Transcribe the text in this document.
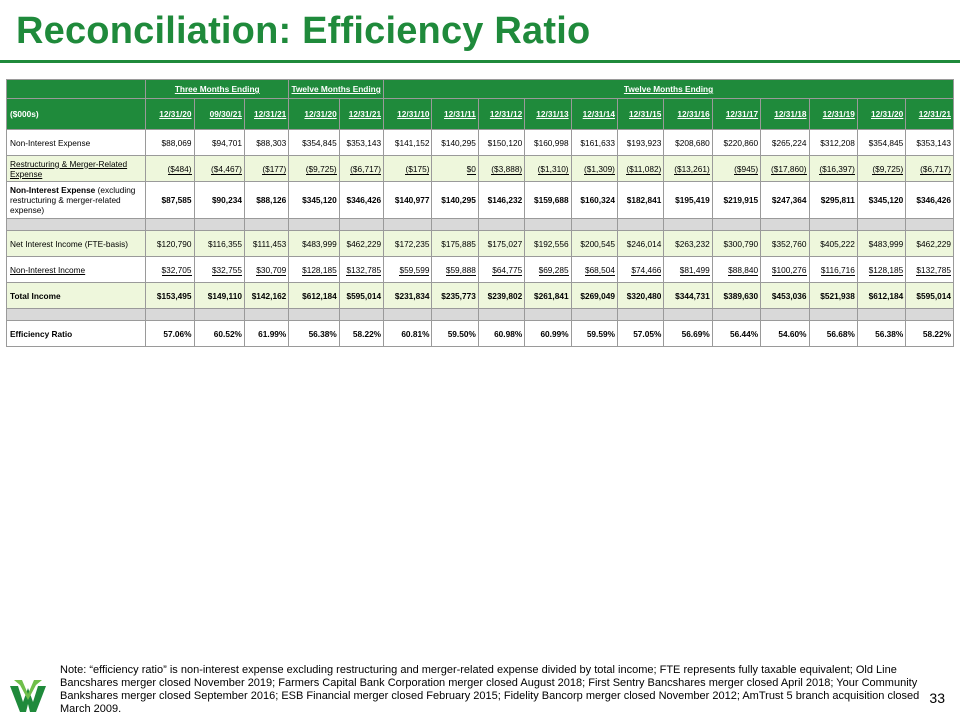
Reconciliation: Efficiency Ratio
	Three Months Ending			Twelve Months Ending		Twelve Months Ending											
($000s)	12/31/20	09/30/21	12/31/21	12/31/20	12/31/21	12/31/10	12/31/11	12/31/12	12/31/13	12/31/14	12/31/15	12/31/16	12/31/17	12/31/18	12/31/19	12/31/20	12/31/21
Non-Interest Expense	$88,069	$94,701	$88,303	$354,845	$353,143	$141,152	$140,295	$150,120	$160,998	$161,633	$193,923	$208,680	$220,860	$265,224	$312,208	$354,845	$353,143
Restructuring & Merger-Related Expense	($484)	($4,467)	($177)	($9,725)	($6,717)	($175)	$0	($3,888)	($1,310)	($1,309)	($11,082)	($13,261)	($945)	($17,860)	($16,397)	($9,725)	($6,717)
Non-Interest Expense (excluding restructuring & merger-related expense)	$87,585	$90,234	$88,126	$345,120	$346,426	$140,977	$140,295	$146,232	$159,688	$160,324	$182,841	$195,419	$219,915	$247,364	$295,811	$345,120	$346,426

Net Interest Income (FTE-basis)	$120,790	$116,355	$111,453	$483,999	$462,229	$172,235	$175,885	$175,027	$192,556	$200,545	$246,014	$263,232	$300,790	$352,760	$405,222	$483,999	$462,229
Non-Interest Income	$32,705	$32,755	$30,709	$128,185	$132,785	$59,599	$59,888	$64,775	$69,285	$68,504	$74,466	$81,499	$88,840	$100,276	$116,716	$128,185	$132,785
Total Income	$153,495	$149,110	$142,162	$612,184	$595,014	$231,834	$235,773	$239,802	$261,841	$269,049	$320,480	$344,731	$389,630	$453,036	$521,938	$612,184	$595,014

Efficiency Ratio	57.06%	60.52%	61.99%	56.38%	58.22%	60.81%	59.50%	60.98%	60.99%	59.59%	57.05%	56.69%	56.44%	54.60%	56.68%	56.38%	58.22%
Note: “efficiency ratio” is non-interest expense excluding restructuring and merger-related expense divided by total income; FTE represents fully taxable equivalent; Old Line Bancshares merger closed November 2019; Farmers Capital Bank Corporation merger closed August 2018; First Sentry Bancshares merger closed April 2018; Your Community Bankshares merger closed September 2016; ESB Financial merger closed February 2015; Fidelity Bancorp merger closed November 2012; AmTrust 5 branch acquisition closed March 2009.
33
